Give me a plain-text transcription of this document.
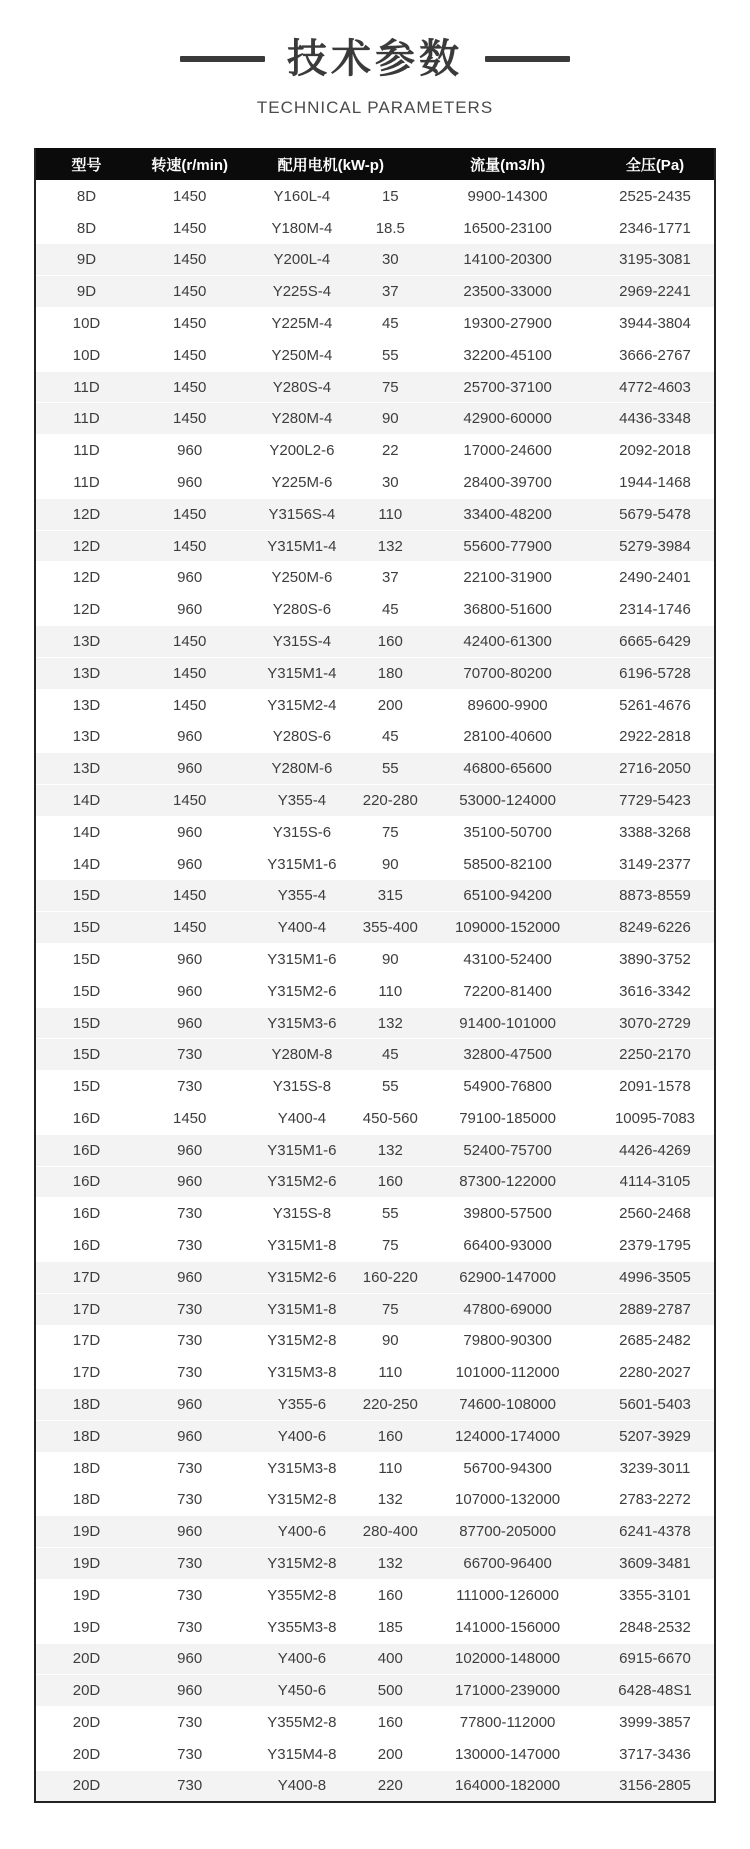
技术参数
TECHNICAL PARAMETERS
型号	转速(r/min)	配用电机(kW-p)		流量(m3/h)	全压(Pa)
8D	1450	Y160L-4	15	9900-14300	2525-2435
8D	1450	Y180M-4	18.5	16500-23100	2346-1771
9D	1450	Y200L-4	30	14100-20300	3195-3081
9D	1450	Y225S-4	37	23500-33000	2969-2241
10D	1450	Y225M-4	45	19300-27900	3944-3804
10D	1450	Y250M-4	55	32200-45100	3666-2767
11D	1450	Y280S-4	75	25700-37100	4772-4603
11D	1450	Y280M-4	90	42900-60000	4436-3348
11D	960	Y200L2-6	22	17000-24600	2092-2018
11D	960	Y225M-6	30	28400-39700	1944-1468
12D	1450	Y3156S-4	110	33400-48200	5679-5478
12D	1450	Y315M1-4	132	55600-77900	5279-3984
12D	960	Y250M-6	37	22100-31900	2490-2401
12D	960	Y280S-6	45	36800-51600	2314-1746
13D	1450	Y315S-4	160	42400-61300	6665-6429
13D	1450	Y315M1-4	180	70700-80200	6196-5728
13D	1450	Y315M2-4	200	89600-9900	5261-4676
13D	960	Y280S-6	45	28100-40600	2922-2818
13D	960	Y280M-6	55	46800-65600	2716-2050
14D	1450	Y355-4	220-280	53000-124000	7729-5423
14D	960	Y315S-6	75	35100-50700	3388-3268
14D	960	Y315M1-6	90	58500-82100	3149-2377
15D	1450	Y355-4	315	65100-94200	8873-8559
15D	1450	Y400-4	355-400	109000-152000	8249-6226
15D	960	Y315M1-6	90	43100-52400	3890-3752
15D	960	Y315M2-6	110	72200-81400	3616-3342
15D	960	Y315M3-6	132	91400-101000	3070-2729
15D	730	Y280M-8	45	32800-47500	2250-2170
15D	730	Y315S-8	55	54900-76800	2091-1578
16D	1450	Y400-4	450-560	79100-185000	10095-7083
16D	960	Y315M1-6	132	52400-75700	4426-4269
16D	960	Y315M2-6	160	87300-122000	4114-3105
16D	730	Y315S-8	55	39800-57500	2560-2468
16D	730	Y315M1-8	75	66400-93000	2379-1795
17D	960	Y315M2-6	160-220	62900-147000	4996-3505
17D	730	Y315M1-8	75	47800-69000	2889-2787
17D	730	Y315M2-8	90	79800-90300	2685-2482
17D	730	Y315M3-8	110	101000-112000	2280-2027
18D	960	Y355-6	220-250	74600-108000	5601-5403
18D	960	Y400-6	160	124000-174000	5207-3929
18D	730	Y315M3-8	110	56700-94300	3239-3011
18D	730	Y315M2-8	132	107000-132000	2783-2272
19D	960	Y400-6	280-400	87700-205000	6241-4378
19D	730	Y315M2-8	132	66700-96400	3609-3481
19D	730	Y355M2-8	160	111000-126000	3355-3101
19D	730	Y355M3-8	185	141000-156000	2848-2532
20D	960	Y400-6	400	102000-148000	6915-6670
20D	960	Y450-6	500	171000-239000	6428-48S1
20D	730	Y355M2-8	160	77800-112000	3999-3857
20D	730	Y315M4-8	200	130000-147000	3717-3436
20D	730	Y400-8	220	164000-182000	3156-2805
